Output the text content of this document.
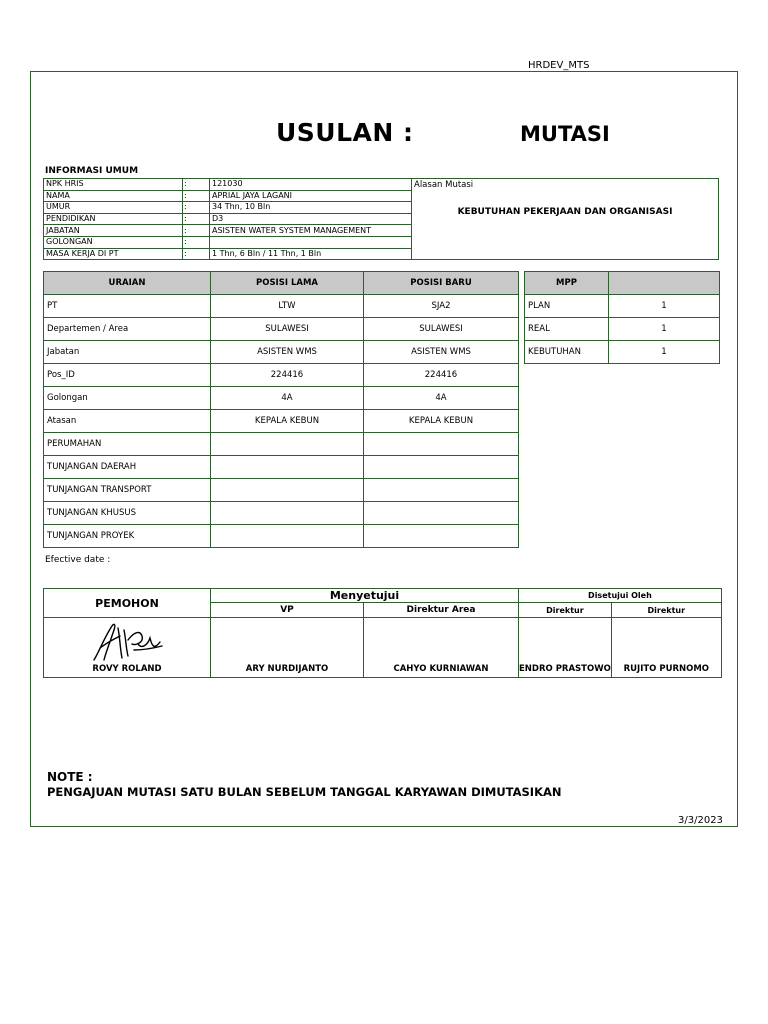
HRDEV_MTS
USULAN :	MUTASI
INFORMASI UMUM
NPK HRIS	:	121030
NAMA	:	APRIAL JAYA LAGANI
UMUR	:	34 Thn, 10 Bln
PENDIDIKAN	:	D3
JABATAN	:	ASISTEN WATER SYSTEM MANAGEMENT
GOLONGAN	:	
MASA KERJA DI PT	:	1 Thn, 6 Bln / 11 Thn, 1 Bln
Alasan Mutasi
KEBUTUHAN PEKERJAAN DAN ORGANISASI
URAIAN	POSISI LAMA	POSISI BARU
PT	LTW	SJA2
Departemen / Area	SULAWESI	SULAWESI
Jabatan	ASISTEN WMS	ASISTEN WMS
Pos_ID	224416	224416
Golongan	4A	4A
Atasan	KEPALA KEBUN	KEPALA KEBUN
PERUMAHAN		
TUNJANGAN DAERAH		
TUNJANGAN TRANSPORT		
TUNJANGAN KHUSUS		
TUNJANGAN PROYEK		
MPP	
PLAN	1
REAL	1
KEBUTUHAN	1
Efective date :
PEMOHON	Menyetujui		Disetujui Oleh	
	VP	Direktur Area	Direktur	Direktur

ROVY ROLAND	ARY NURDIJANTO	CAHYO KURNIAWAN	ENDRO PRASTOWO	RUJITO PURNOMO
NOTE :
PENGAJUAN MUTASI SATU BULAN SEBELUM TANGGAL KARYAWAN DIMUTASIKAN
3/3/2023
